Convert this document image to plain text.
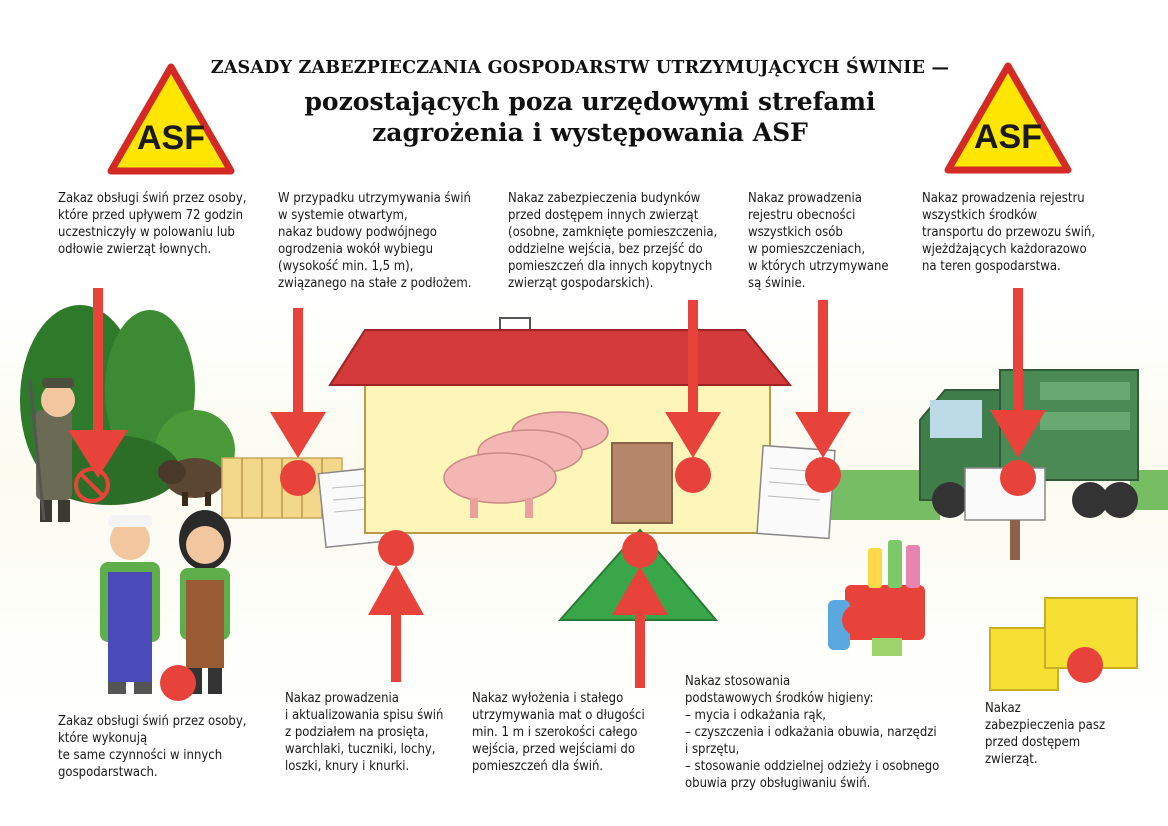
ASF	ASF
ZASADY ZABEZPIECZANIA GOSPODARSTW UTRZYMUJĄCYCH ŚWINIE —
pozostających poza urzędowymi strefami
zagrożenia i występowania ASF
Zakaz obsługi świń przez osoby,
które przed upływem 72 godzin
uczestniczyły w polowaniu lub
odłowie zwierząt łownych.
W przypadku utrzymywania świń
w systemie otwartym,
nakaz budowy podwójnego
ogrodzenia wokół wybiegu
(wysokość min. 1,5 m),
związanego na stałe z podłożem.
Nakaz zabezpieczenia budynków
przed dostępem innych zwierząt
(osobne, zamknięte pomieszczenia,
oddzielne wejścia, bez przejść do
pomieszczeń dla innych kopytnych
zwierząt gospodarskich).
Nakaz prowadzenia
rejestru obecności
wszystkich osób
w pomieszczeniach,
w których utrzymywane
są świnie.
Nakaz prowadzenia rejestru
wszystkich środków
transportu do przewozu świń,
wjeżdżających każdorazowo
na teren gospodarstwa.
Zakaz obsługi świń przez osoby,
które wykonują
te same czynności w innych
gospodarstwach.
Nakaz prowadzenia
i aktualizowania spisu świń
z podziałem na prosięta,
warchlaki, tuczniki, lochy,
loszki, knury i knurki.
Nakaz wyłożenia i stałego
utrzymywania mat o długości
min. 1 m i szerokości całego
wejścia, przed wejściami do
pomieszczeń dla świń.
Nakaz stosowania
podstawowych środków higieny:
– mycia i odkażania rąk,
– czyszczenia i odkażania obuwia, narzędzi
i sprzętu,
– stosowanie oddzielnej odzieży i osobnego
obuwia przy obsługiwaniu świń.
Nakaz
zabezpieczenia pasz
przed dostępem
zwierząt.
